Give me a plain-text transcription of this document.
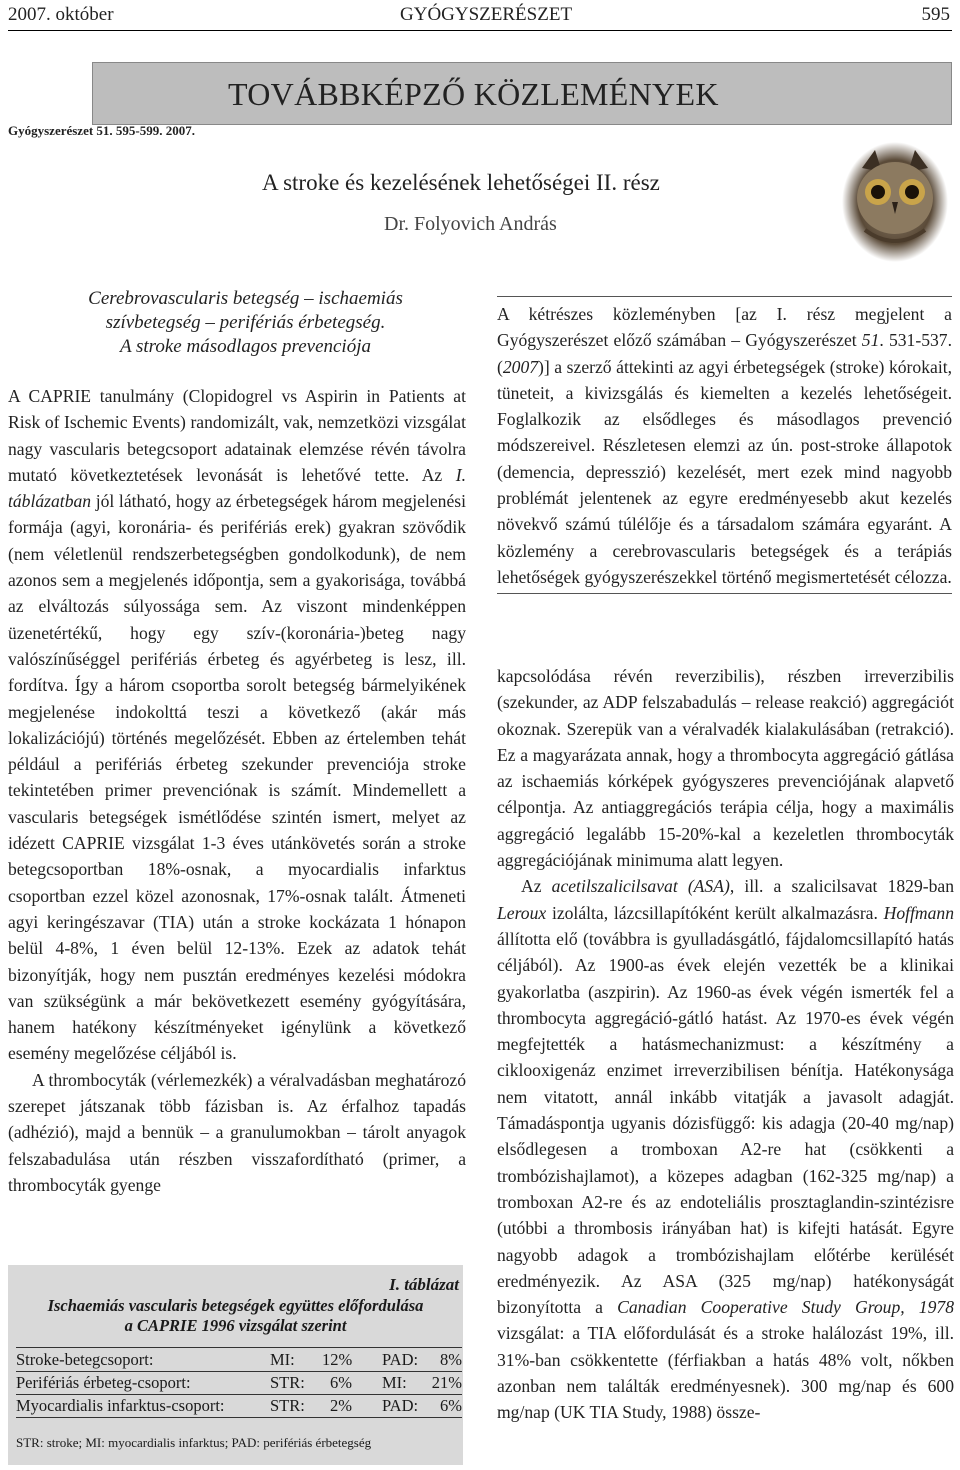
2007. október	GYÓGYSZERÉSZET	595
TOVÁBBKÉPZŐ KÖZLEMÉNYEK
Gyógyszerészet 51. 595-599. 2007.
A stroke és kezelésének lehetőségei II. rész
Dr. Folyovich András
Cerebrovascularis betegség – ischaemiás
szívbetegség – perifériás érbetegség.
A stroke másodlagos prevenciója

A kétrészes közleményben [az I. rész megjelent a Gyógyszerészet előző számában – Gyógyszerészet 51. 531-537. (2007)] a szerző áttekinti az agyi érbetegségek (stroke) kórokait, tüneteit, a kivizsgálás és kiemelten a kezelés lehetőségeit. Foglalkozik az elsődleges és másodlagos prevenció módszereivel. Részletesen elemzi az ún. post-stroke állapotok (demencia, depresszió) kezelését, mert ezek mind nagyobb problémát jelentenek az egyre eredményesebb akut kezelés növekvő számú túlélője és a társadalom számára egyaránt. A közlemény a cerebrovascularis betegségek és a terápiás lehetőségek gyógyszerészekkel történő megismertetését célozza.

A CAPRIE tanulmány (Clopidogrel vs Aspirin in Patients at Risk of Ischemic Events) randomizált, vak, nemzetközi vizsgálat nagy vascularis betegcsoport adatainak elemzése révén távolra mutató következtetések levonását is lehetővé tette. Az I. táblázatban jól látható, hogy az érbetegségek három megjelenési formája (agyi, koronária- és perifériás erek) gyakran szövődik (nem véletlenül rendszerbetegségben gondolkodunk), de nem azonos sem a megjelenés időpontja, sem a gyakorisága, továbbá az elváltozás súlyossága sem. Az viszont mindenképpen üzenetértékű, hogy egy szív-(koronária-)beteg nagy valószínűséggel perifériás érbeteg és agyérbeteg is lesz, ill. fordítva. Így a három csoportba sorolt betegség bármelyikének megjelenése indokolttá teszi a következő (akár más lokalizációjú) történés megelőzését. Ebben az értelemben tehát például a perifériás érbeteg szekunder prevenciója stroke tekintetében primer prevenciónak is számít. Mindemellett a vascularis betegségek ismétlődése szintén ismert, melyet az idézett CAPRIE vizsgálat 1-3 éves utánkövetés során a stroke betegcsoportban 18%-osnak, a myocardialis infarktus csoportban ezzel közel azonosnak, 17%-osnak talált. Átmeneti agyi keringészavar (TIA) után a stroke kockázata 1 hónapon belül 4-8%, 1 éven belül 12-13%. Ezek az adatok tehát bizonyítják, hogy nem pusztán eredményes kezelési módokra van szükségünk a már bekövetkezett esemény gyógyítására, hanem hatékony készítményeket igénylünk a következő esemény megelőzése céljából is.

A thrombocyták (vérlemezkék) a véralvadásban meghatározó szerepet játszanak több fázisban is. Az érfalhoz tapadás (adhézió), majd a bennük – a granulumokban – tárolt anyagok felszabadulása után részben visszafordítható (primer, a thrombocyták gyenge

kapcsolódása révén reverzibilis), részben irreverzibilis (szekunder, az ADP felszabadulás – release reakció) aggregációt okoznak. Szerepük van a véralvadék kialakulásában (retrakció). Ez a magyarázata annak, hogy a thrombocyta aggregáció gátlása az ischaemiás kórképek gyógyszeres prevenciójának alapvető célpontja. Az antiaggregációs terápia célja, hogy a maximális aggregáció legalább 15-20%-kal a kezeletlen thrombocyták aggregációjának minimuma alatt legyen.

Az acetilszalicilsavat (ASA), ill. a szalicilsavat 1829-ban Leroux izolálta, lázcsillapítóként került alkalmazásra. Hoffmann állította elő (továbbra is gyulladásgátló, fájdalomcsillapító hatás céljából). Az 1900-as évek elején vezették be a klinikai gyakorlatba (aszpirin). Az 1960-as évek végén ismerték fel a thrombocyta aggregáció-gátló hatást. Az 1970-es évek végén megfejtették a hatásmechanizmust: a készítmény a ciklooxigenáz enzimet irreverzibilisen bénítja. Hatékonysága nem vitatott, annál inkább vitatják a javasolt adagját. Támadáspontja ugyanis dózisfüggő: kis adagja (20-40 mg/nap) elsődlegesen a tromboxan A2-re hat (csökkenti a trombózishajlamot), a közepes adagban (162-325 mg/nap) a tromboxan A2-re és az endoteliális prosztaglandin-szintézisre (utóbbi a thrombosis irányában hat) is kifejti hatását. Egyre nagyobb adagok a trombózishajlam előtérbe kerülését eredményezik. Az ASA (325 mg/nap) hatékonyságát bizonyította a Canadian Cooperative Study Group, 1978 vizsgálat: a TIA előfordulását és a stroke halálozást 19%, ill. 31%-ban csökkentette (férfiakban a hatás 48% volt, nőkben azonban nem találták eredményesnek). 300 mg/nap és 600 mg/nap (UK TIA Study, 1988) össze-

I. táblázat
Ischaemiás vascularis betegségek együttes előfordulása
a CAPRIE 1996 vizsgálat szerint
Stroke-betegcsoport:	MI: 12% PAD: 8%
Perifériás érbeteg-csoport:	STR: 6% MI: 21%
Myocardialis infarktus-csoport:	STR: 2% PAD: 6%
STR: stroke; MI: myocardialis infarktus; PAD: perifériás érbetegség
